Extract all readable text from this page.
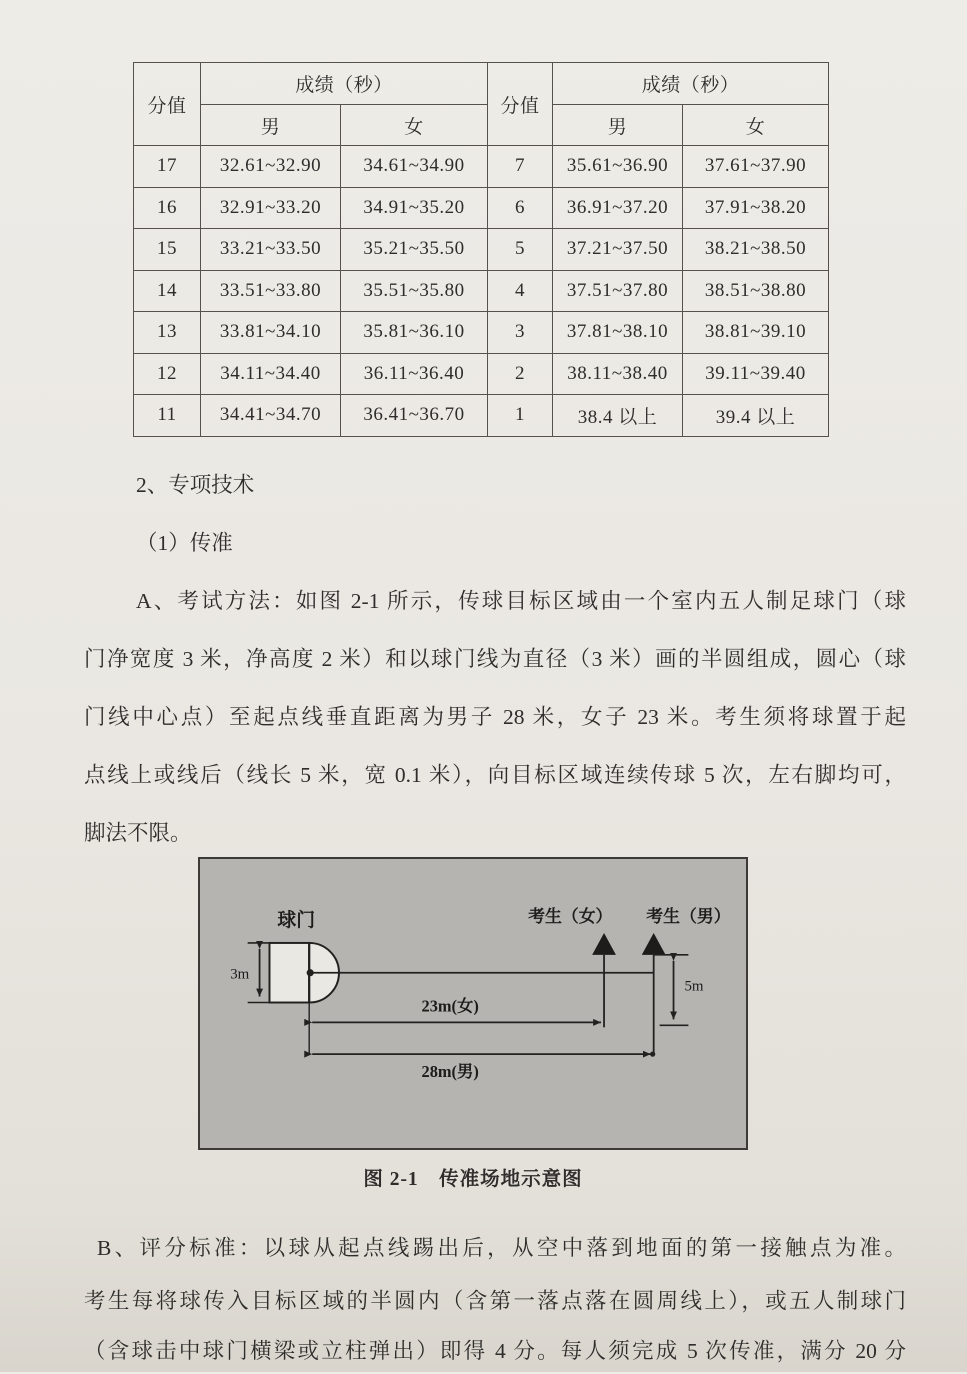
分值	成绩（秒）		分值	成绩（秒）	
	男	女		男	女
17	32.61~32.90	34.61~34.90	7	35.61~36.90	37.61~37.90
16	32.91~33.20	34.91~35.20	6	36.91~37.20	37.91~38.20
15	33.21~33.50	35.21~35.50	5	37.21~37.50	38.21~38.50
14	33.51~33.80	35.51~35.80	4	37.51~37.80	38.51~38.80
13	33.81~34.10	35.81~36.10	3	37.81~38.10	38.81~39.10
12	34.11~34.40	36.11~36.40	2	38.11~38.40	39.11~39.40
11	34.41~34.70	36.41~36.70	1	38.4 以上	39.4 以上
2、专项技术
（1）传准
A、考试方法：如图 2-1 所示，传球目标区域由一个室内五人制足球门（球
门净宽度 3 米，净高度 2 米）和以球门线为直径（3 米）画的半圆组成，圆心（球
门线中心点）至起点线垂直距离为男子 28 米，女子 23 米。考生须将球置于起
点线上或线后（线长 5 米，宽 0.1 米），向目标区域连续传球 5 次，左右脚均可，
脚法不限。
3m
球门	考生（女） 考生（男）
5m
23m(女)
28m(男)
图 2-1　传准场地示意图
B、评分标准：以球从起点线踢出后，从空中落到地面的第一接触点为准。
考生每将球传入目标区域的半圆内（含第一落点落在圆周线上），或五人制球门
（含球击中球门横梁或立柱弹出）即得 4 分。每人须完成 5 次传准，满分 20 分
